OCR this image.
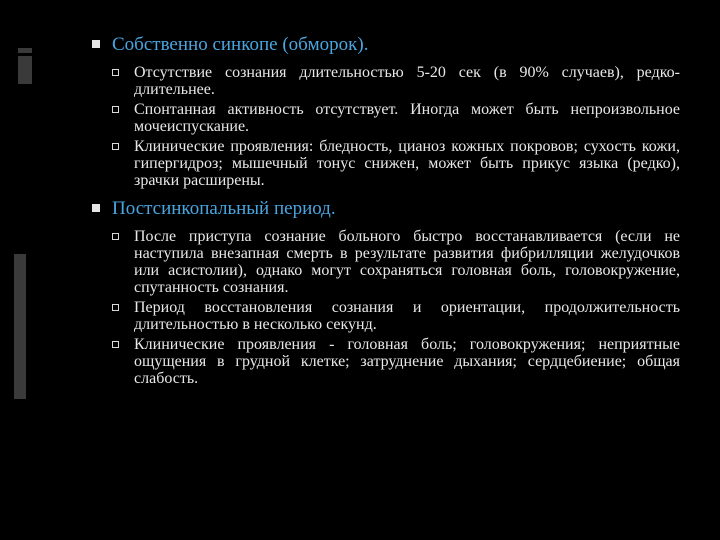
Собственно синкопе (обморок).
Отсутствие сознания длительностью 5-20 сек (в 90% случаев), редко- длительнее.
Спонтанная активность отсутствует. Иногда может быть непроизвольное мочеиспускание.
Клинические проявления: бледность, цианоз кожных покровов; сухость кожи, гипергидроз; мышечный тонус снижен, может быть прикус языка (редко), зрачки расширены.
Постсинкопальный период.
После приступа сознание больного быстро восстанавливается (если не наступила внезапная смерть в результате развития фибрилляции желудочков или асистолии), однако могут сохраняться головная боль, головокружение, спутанность сознания.
Период восстановления сознания и ориентации, продолжительность длительностью в несколько секунд.
Клинические проявления - головная боль; головокружения; неприятные ощущения в грудной клетке; затруднение дыхания; сердцебиение; общая слабость.
